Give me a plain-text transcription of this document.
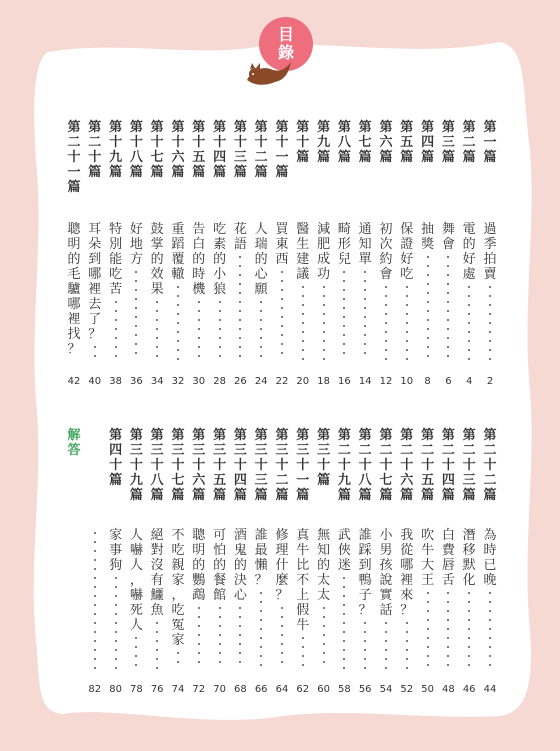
目
錄
第
一
篇
過
季
拍
賣
2
第
二
篇
電
的
好
處
4
第
三
篇
舞
會
6
第
四
篇
抽
獎
8
第
五
篇
保
證
好
吃
10
第
六
篇
初
次
約
會
12
第
七
篇
通
知
單
14
第
八
篇
畸
形
兒
16
第
九
篇
減
肥
成
功
18
第
十
篇
醫
生
建
議
20
第
十
一
篇
買
東
西
22
第
十
二
篇
人
瑞
的
心
願
24
第
十
三
篇
花
語
26
第
十
四
篇
吃
素
的
小
狼
28
第
十
五
篇
告
白
的
時
機
30
第
十
六
篇
重
蹈
覆
轍
32
第
十
七
篇
鼓
掌
的
效
果
34
第
十
八
篇
好
地
方
36
第
十
九
篇
特
別
能
吃
苦
38
第
二
十
篇
耳
朵
到
哪
裡
去
了
？
40
第
二
十
一
篇
聰
明
的
毛
驢
哪
裡
找
？
42
第
二
十
二
篇
為
時
已
晚
44
第
二
十
三
篇
潛
移
默
化
46
第
二
十
四
篇
白
費
唇
舌
48
第
二
十
五
篇
吹
牛
大
王
50
第
二
十
六
篇
我
從
哪
裡
來
？
52
第
二
十
七
篇
小
男
孩
說
實
話
54
第
二
十
八
篇
誰
踩
到
鴨
子
？
56
第
二
十
九
篇
武
俠
迷
58
第
三
十
篇
無
知
的
太
太
60
第
三
十
一
篇
真
牛
比
不
上
假
牛
62
第
三
十
二
篇
修
理
什
麼
？
64
第
三
十
三
篇
誰
最
懶
？
66
第
三
十
四
篇
酒
鬼
的
決
心
68
第
三
十
五
篇
可
怕
的
餐
館
70
第
三
十
六
篇
聰
明
的
鸚
鵡
72
第
三
十
七
篇
不
吃
親
家
，
吃
冤
家
74
第
三
十
八
篇
絕
對
沒
有
鱷
魚
76
第
三
十
九
篇
人
嚇
人
，
嚇
死
人
78
第
四
十
篇
家
事
狗
80
82
解
答
